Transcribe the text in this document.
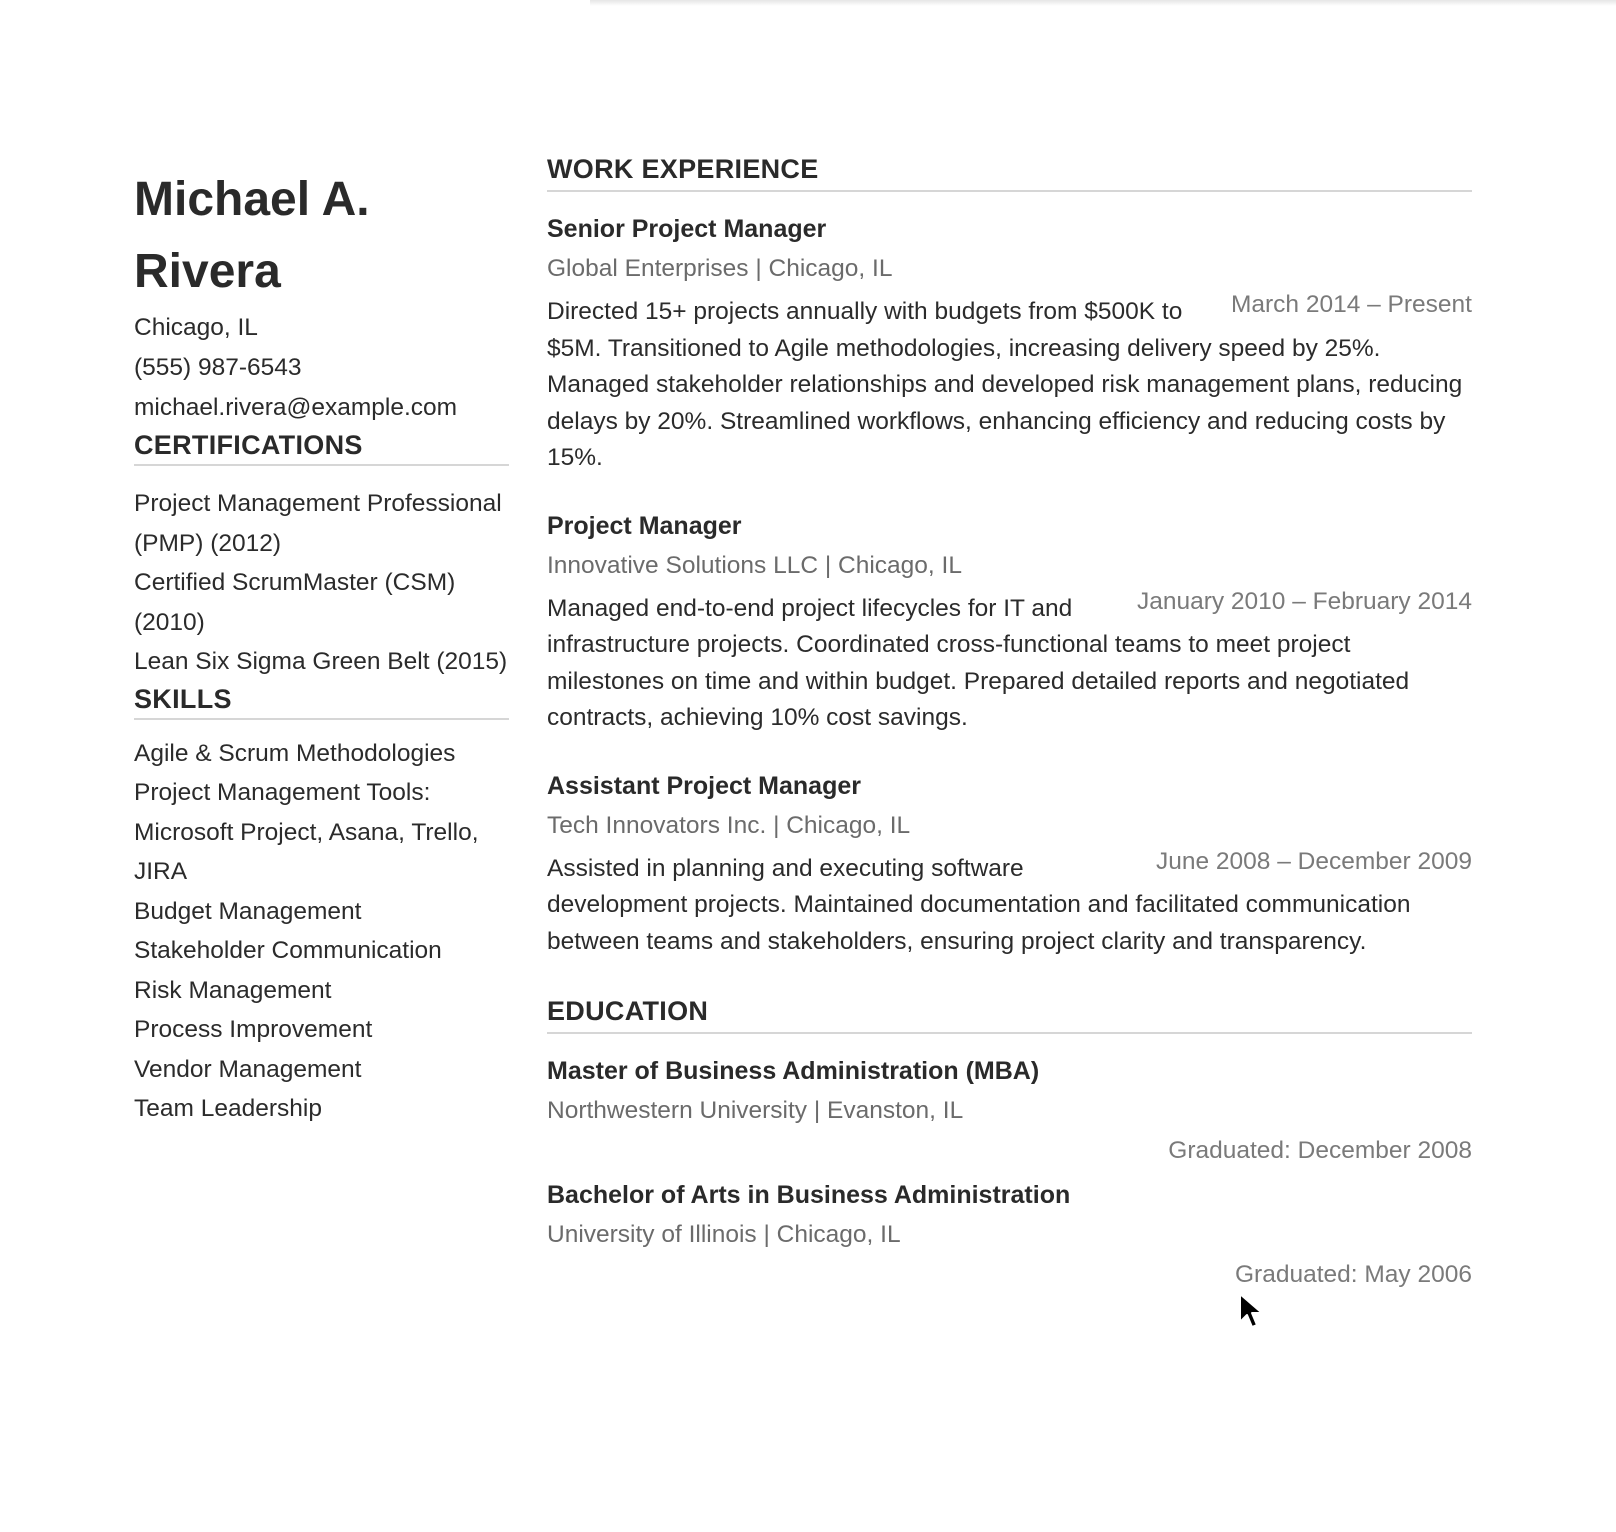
Michael A.
Rivera
Chicago, IL
(555) 987-6543
michael.rivera@example.com
CERTIFICATIONS
Project Management Professional (PMP) (2012)
Certified ScrumMaster (CSM) (2010)
Lean Six Sigma Green Belt (2015)
SKILLS
Agile & Scrum Methodologies
Project Management Tools: Microsoft Project, Asana, Trello, JIRA
Budget Management
Stakeholder Communication
Risk Management
Process Improvement
Vendor Management
Team Leadership
WORK EXPERIENCE
Senior Project Manager
Global Enterprises | Chicago, IL
March 2014 – Present
Directed 15+ projects annually with budgets from $500K to $5M. Transitioned to Agile methodologies, increasing delivery speed by 25%. Managed stakeholder relationships and developed risk management plans, reducing delays by 20%. Streamlined workflows, enhancing efficiency and reducing costs by 15%.
Project Manager
Innovative Solutions LLC | Chicago, IL
January 2010 – February 2014
Managed end-to-end project lifecycles for IT and infrastructure projects. Coordinated cross-functional teams to meet project milestones on time and within budget. Prepared detailed reports and negotiated contracts, achieving 10% cost savings.
Assistant Project Manager
Tech Innovators Inc. | Chicago, IL
June 2008 – December 2009
Assisted in planning and executing software development projects. Maintained documentation and facilitated communication between teams and stakeholders, ensuring project clarity and transparency.
EDUCATION
Master of Business Administration (MBA)
Northwestern University | Evanston, IL
Graduated: December 2008
Bachelor of Arts in Business Administration
University of Illinois | Chicago, IL
Graduated: May 2006
